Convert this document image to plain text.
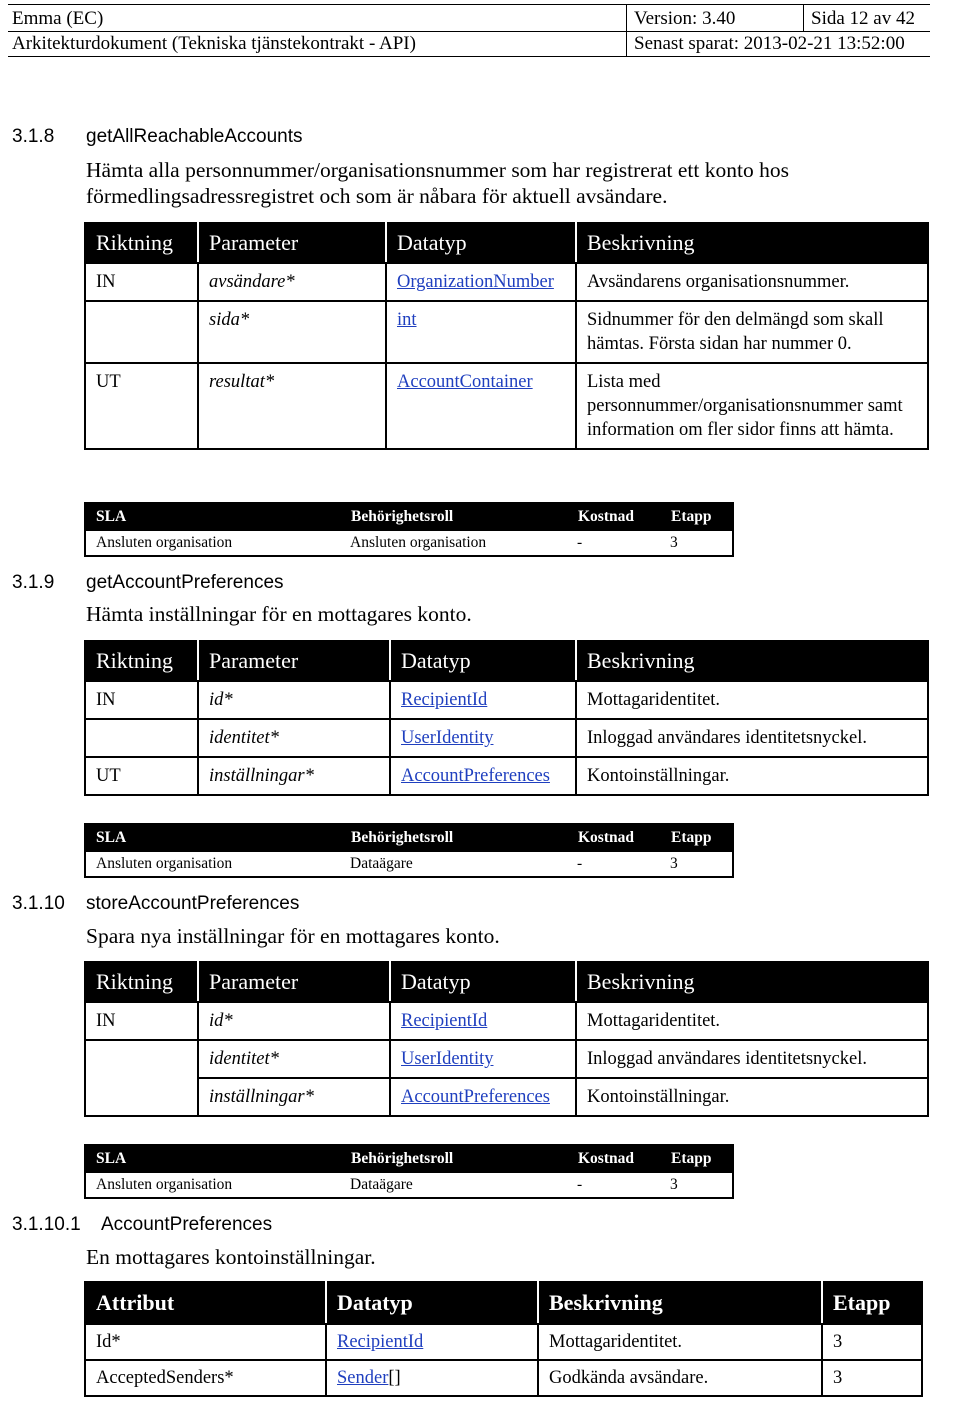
Emma (EC)	Version: 3.40	Sida 12 av 42
Arkitekturdokument (Tekniska tjänstekontrakt - API)	Senast sparat: 2013-02-21 13:52:00
3.1.8 getAllReachableAccounts
Hämta alla personnummer/organisationsnummer som har registrerat ett konto hos förmedlingsadressregistret och som är nåbara för aktuell avsändare.
Riktning	Parameter	Datatyp	Beskrivning
IN	avsändare*	OrganizationNumber	Avsändarens organisationsnummer.
	sida*	int	Sidnummer för den delmängd som skall hämtas. Första sidan har nummer 0.
UT	resultat*	AccountContainer	Lista med personnummer/organisationsnummer samt information om fler sidor finns att hämta.
SLA	Behörighetsroll	Kostnad	Etapp
Ansluten organisation	Ansluten organisation	-	3
3.1.9 getAccountPreferences
Hämta inställningar för en mottagares konto.
Riktning	Parameter	Datatyp	Beskrivning
IN	id*	RecipientId	Mottagaridentitet.
	identitet*	UserIdentity	Inloggad användares identitetsnyckel.
UT	inställningar*	AccountPreferences	Kontoinställningar.
SLA	Behörighetsroll	Kostnad	Etapp
Ansluten organisation	Dataägare	-	3
3.1.10 storeAccountPreferences
Spara nya inställningar för en mottagares konto.
Riktning	Parameter	Datatyp	Beskrivning
IN	id*	RecipientId	Mottagaridentitet.
	identitet*	UserIdentity	Inloggad användares identitetsnyckel.
	inställningar*	AccountPreferences	Kontoinställningar.
SLA	Behörighetsroll	Kostnad	Etapp
Ansluten organisation	Dataägare	-	3
3.1.10.1 AccountPreferences
En mottagares kontoinställningar.
Attribut	Datatyp	Beskrivning	Etapp
Id*	RecipientId	Mottagaridentitet.	3
AcceptedSenders*	Sender[]	Godkända avsändare.	3
